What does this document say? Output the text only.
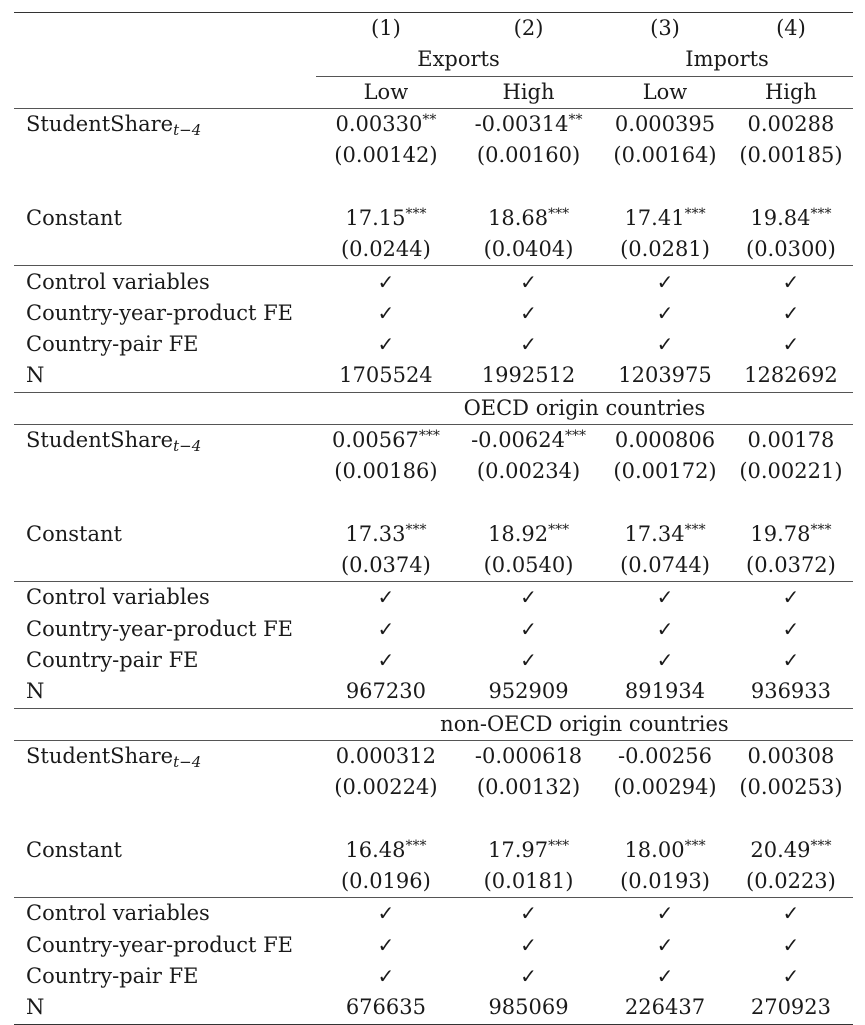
	(1)	(2)	(3)	(4)
	Exports		Imports	
	Low	High	Low	High
StudentShare$_{t-4}$	0.00330**	-0.00314**	0.000395	0.00288
	(0.00142)	(0.00160)	(0.00164)	(0.00185)

Constant	17.15***	18.68***	17.41***	19.84***
	(0.0244)	(0.0404)	(0.0281)	(0.0300)
Control variables	✓	✓	✓	✓
Country-year-product FE	✓	✓	✓	✓
Country-pair FE	✓	✓	✓	✓
N	1705524	1992512	1203975	1282692
	OECD origin countries			
StudentShare$_{t-4}$	0.00567***	-0.00624***	0.000806	0.00178
	(0.00186)	(0.00234)	(0.00172)	(0.00221)

Constant	17.33***	18.92***	17.34***	19.78***
	(0.0374)	(0.0540)	(0.0744)	(0.0372)
Control variables	✓	✓	✓	✓
Country-year-product FE	✓	✓	✓	✓
Country-pair FE	✓	✓	✓	✓
N	967230	952909	891934	936933
	non-OECD origin countries			
StudentShare$_{t-4}$	0.000312	-0.000618	-0.00256	0.00308
	(0.00224)	(0.00132)	(0.00294)	(0.00253)

Constant	16.48***	17.97***	18.00***	20.49***
	(0.0196)	(0.0181)	(0.0193)	(0.0223)
Control variables	✓	✓	✓	✓
Country-year-product FE	✓	✓	✓	✓
Country-pair FE	✓	✓	✓	✓
N	676635	985069	226437	270923
